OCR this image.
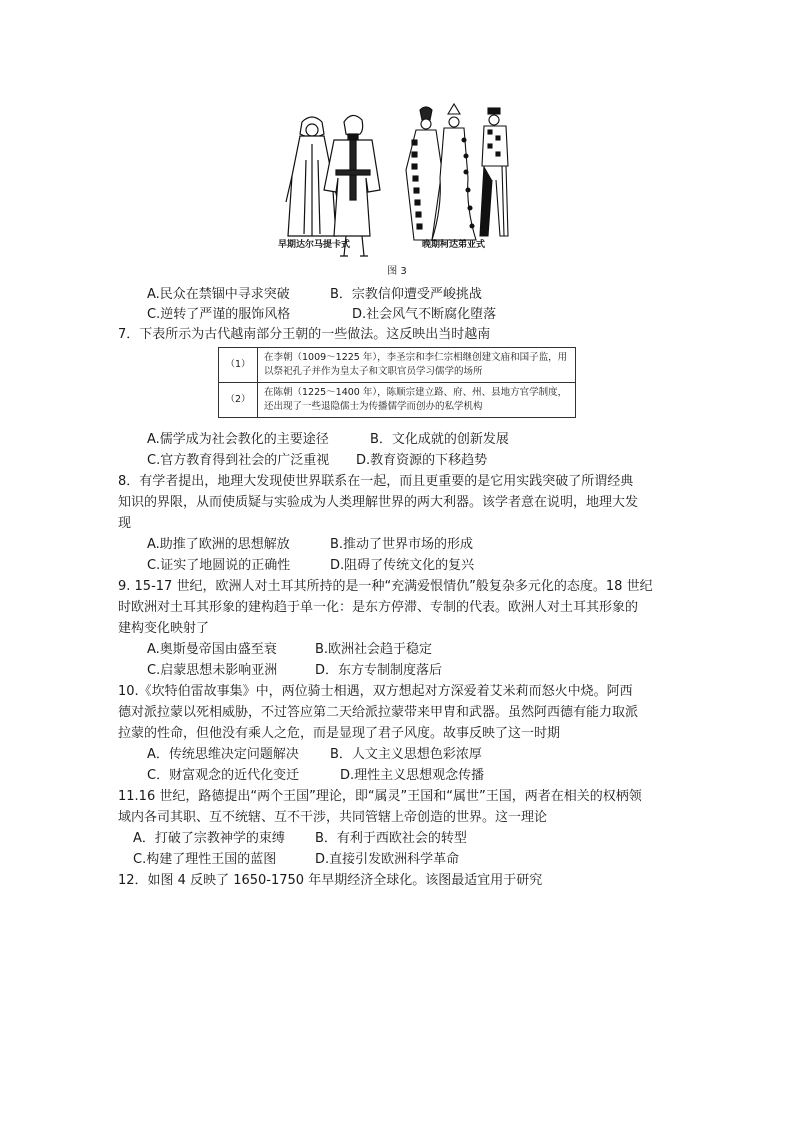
早期达尔马提卡式	晚期柯达弟亚式
图 3
A.民众在禁锢中寻求突破	B．宗教信仰遭受严峻挑战
C.逆转了严谨的服饰风格	D.社会风气不断腐化堕落
7．下表所示为古代越南部分王朝的一些做法。这反映出当时越南
（1）	在李朝（1009～1225 年），李圣宗和李仁宗相继创建文庙和国子监，用以祭祀孔子并作为皇太子和文职官员学习儒学的场所
（2）	在陈朝（1225～1400 年），陈顺宗建立路、府、州、县地方官学制度，还出现了一些退隐儒士为传播儒学而创办的私学机构
A.儒学成为社会教化的主要途径	B．文化成就的创新发展
C.官方教育得到社会的广泛重视 D.教育资源的下移趋势
8．有学者提出，地理大发现使世界联系在一起，而且更重要的是它用实践突破了所谓经典
知识的界限，从而使质疑与实验成为人类理解世界的两大利器。该学者意在说明，地理大发
现
A.助推了欧洲的思想解放	B.推动了世界市场的形成
C.证实了地圆说的正确性	D.阻碍了传统文化的复兴
9. 15-17 世纪，欧洲人对土耳其所持的是一种“充满爱恨情仇”般复杂多元化的态度。18 世纪
时欧洲对土耳其形象的建构趋于单一化：是东方停滞、专制的代表。欧洲人对土耳其形象的
建构变化映射了
A.奥斯曼帝国由盛至衰	B.欧洲社会趋于稳定
C.启蒙思想未影响亚洲	D．东方专制制度落后
10.《坎特伯雷故事集》中，两位骑士相遇，双方想起对方深爱着艾米莉而怒火中烧。阿西
德对派拉蒙以死相威胁，不过答应第二天给派拉蒙带来甲胄和武器。虽然阿西德有能力取派
拉蒙的性命，但他没有乘人之危，而是显现了君子风度。故事反映了这一时期
A．传统思维决定问题解决 B．人文主义思想色彩浓厚
C．财富观念的近代化变迁	D.理性主义思想观念传播
11.16 世纪，路德提出“两个王国”理论，即“属灵”王国和“属世”王国，两者在相关的权柄领
域内各司其职、互不统辖、互不干涉，共同管辖上帝创造的世界。这一理论
A．打破了宗教神学的束缚 B．有利于西欧社会的转型
C.构建了理性王国的蓝图	D.直接引发欧洲科学革命
12．如图 4 反映了 1650-1750 年早期经济全球化。该图最适宜用于研究
